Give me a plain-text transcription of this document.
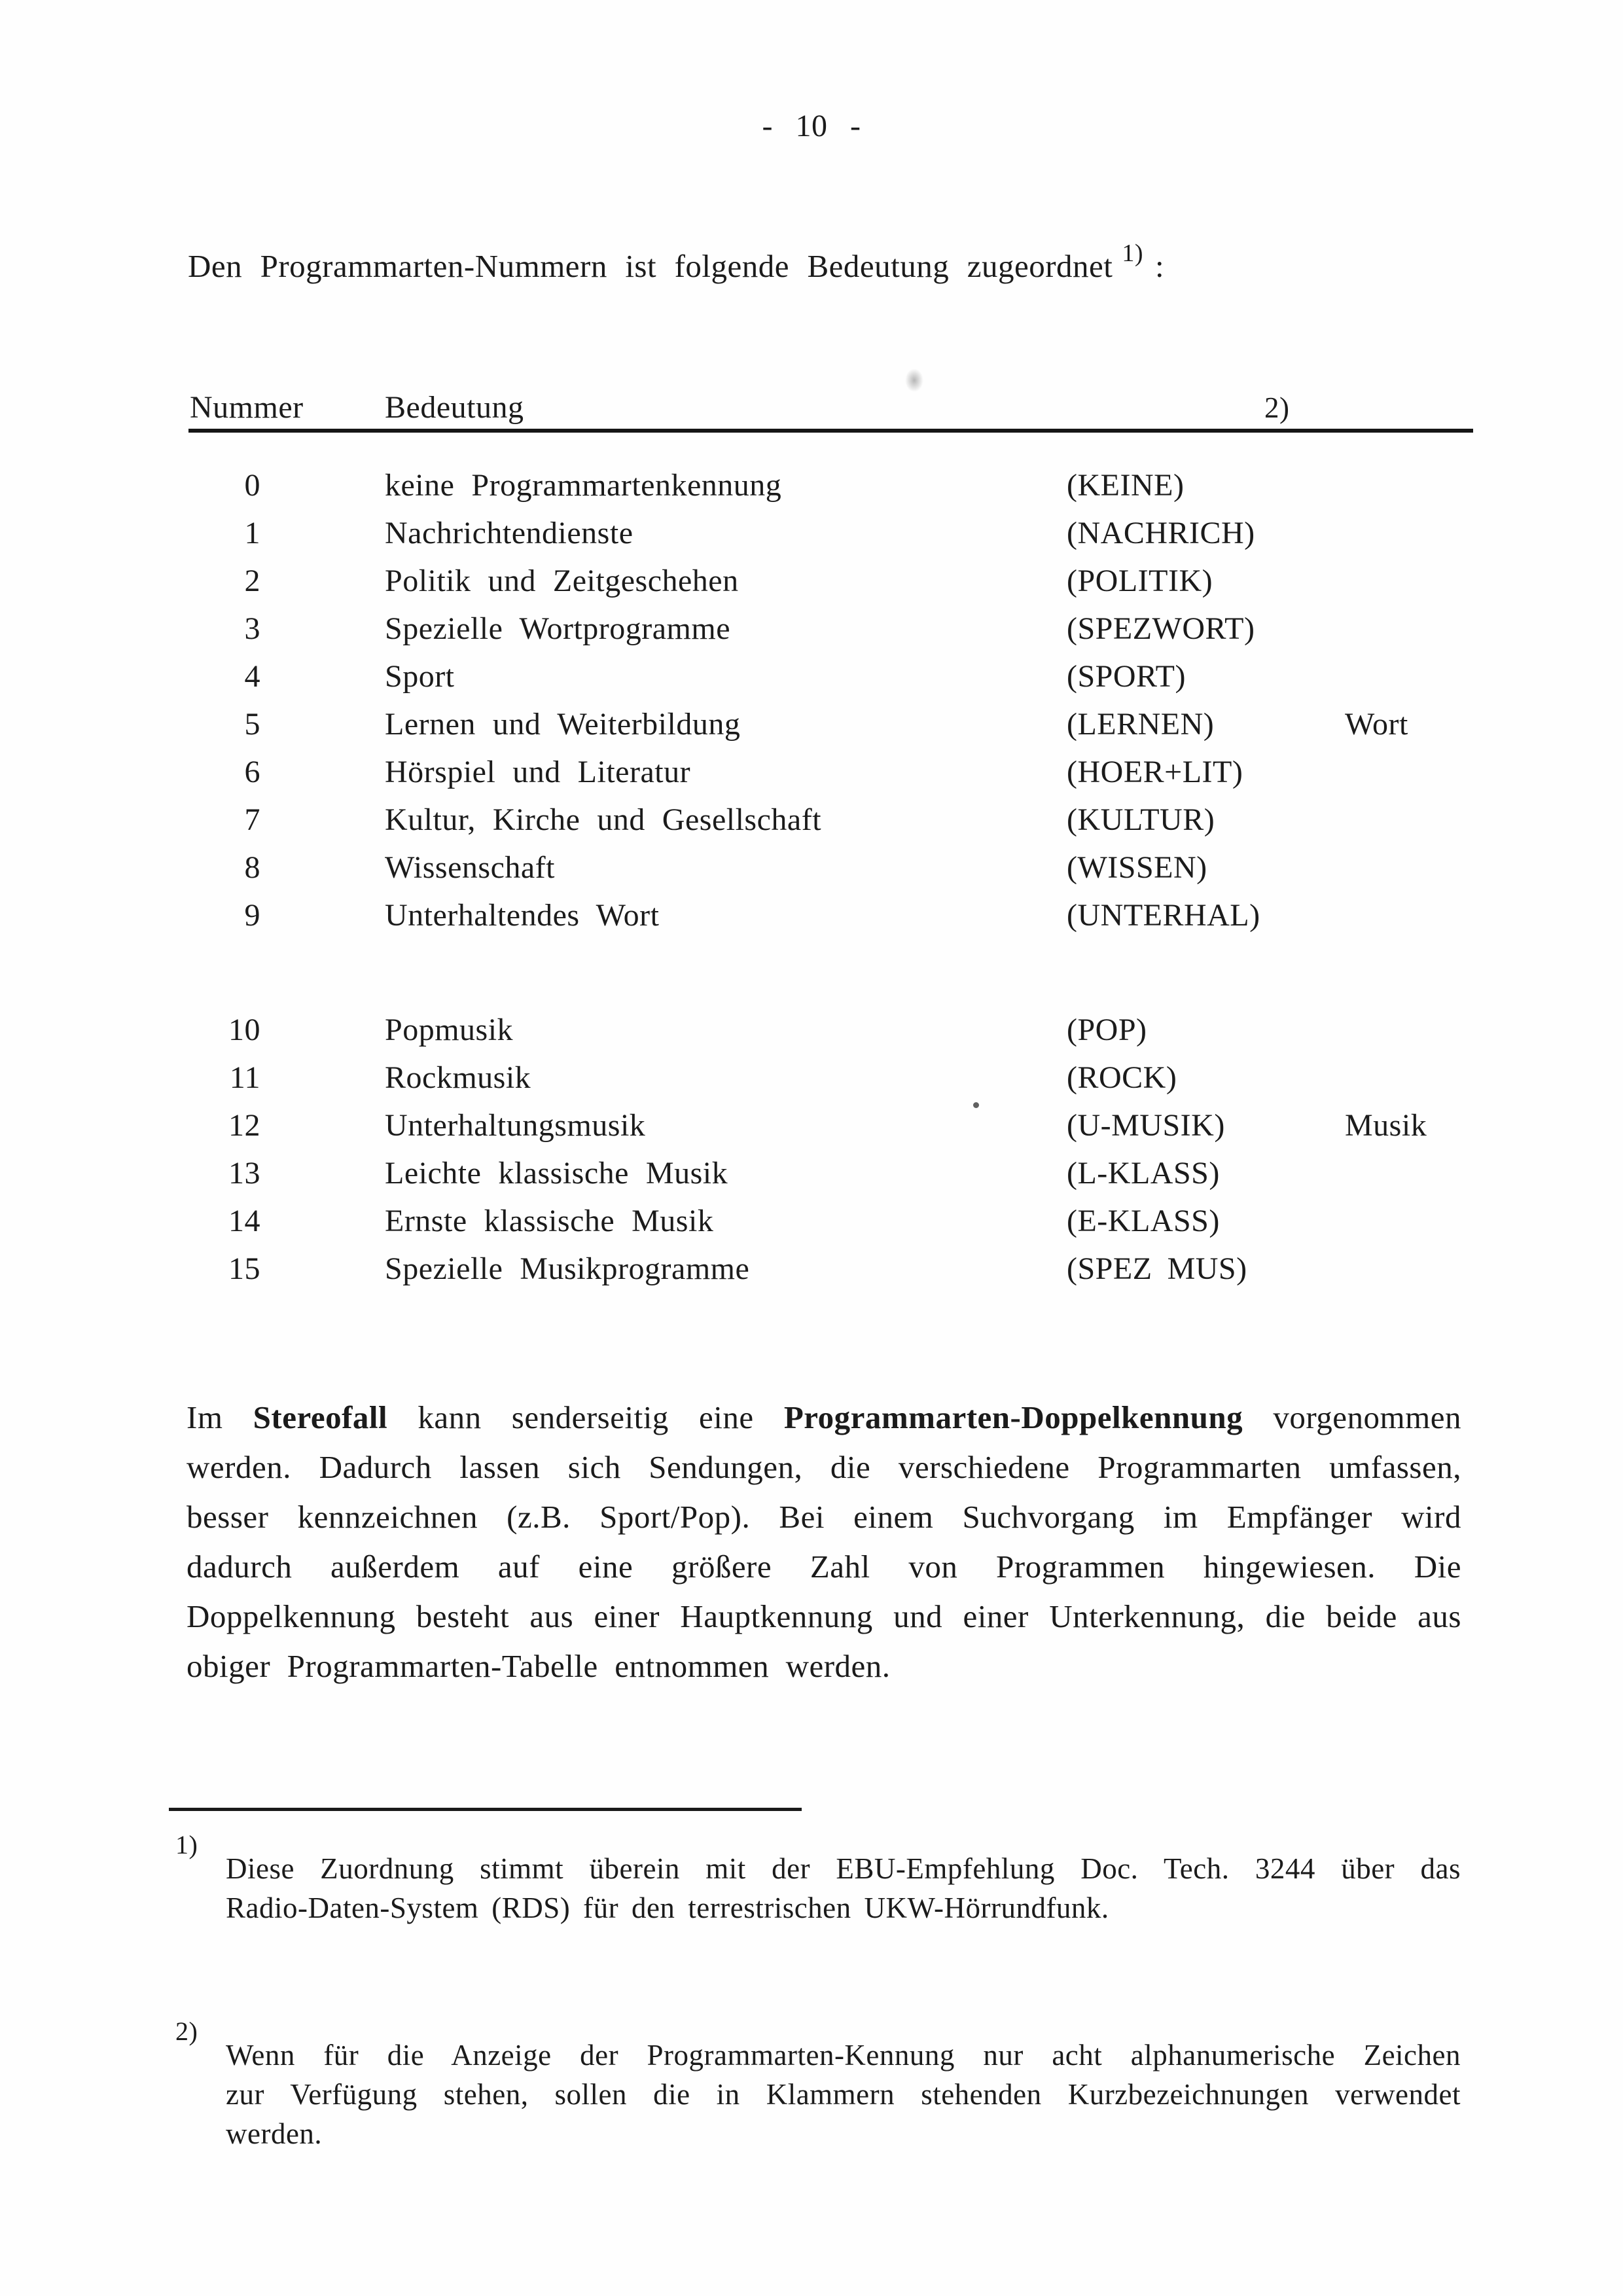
- 10 -
Den Programmarten-Nummern ist folgende Bedeutung zugeordnet 1) :
Nummer	Bedeutung	2)
0	keine Programmartenkennung	(KEINE)
1	Nachrichtendienste	(NACHRICH)
2	Politik und Zeitgeschehen	(POLITIK)
3	Spezielle Wortprogramme	(SPEZWORT)
4	Sport	(SPORT)
5	Lernen und Weiterbildung	(LERNEN)	Wort
6	Hörspiel und Literatur	(HOER+LIT)
7	Kultur, Kirche und Gesellschaft	(KULTUR)
8	Wissenschaft	(WISSEN)
9	Unterhaltendes Wort	(UNTERHAL)
10	Popmusik	(POP)
11	Rockmusik	(ROCK)
12	Unterhaltungsmusik	(U-MUSIK)	Musik
13	Leichte klassische Musik	(L-KLASS)
14	Ernste klassische Musik	(E-KLASS)
15	Spezielle Musikprogramme	(SPEZ MUS)
Im Stereofall kann senderseitig eine Programmarten-Doppelkennung vorgenommen werden. Dadurch lassen sich Sendungen, die verschiedene Programmarten umfassen, besser kennzeichnen (z.B. Sport/Pop). Bei einem Suchvorgang im Empfänger wird dadurch außerdem auf eine größere Zahl von Programmen hingewiesen. Die Doppelkennung besteht aus einer Hauptkennung und einer Unterkennung, die beide aus obiger Programmarten-Tabelle entnommen werden.
1)
Diese Zuordnung stimmt überein mit der EBU-Empfehlung Doc. Tech. 3244 über das
Radio-Daten-System (RDS) für den terrestrischen UKW-Hörrundfunk.
2)
Wenn für die Anzeige der Programmarten-Kennung nur acht alphanumerische Zeichen
zur Verfügung stehen, sollen die in Klammern stehenden Kurzbezeichnungen verwendet
werden.
